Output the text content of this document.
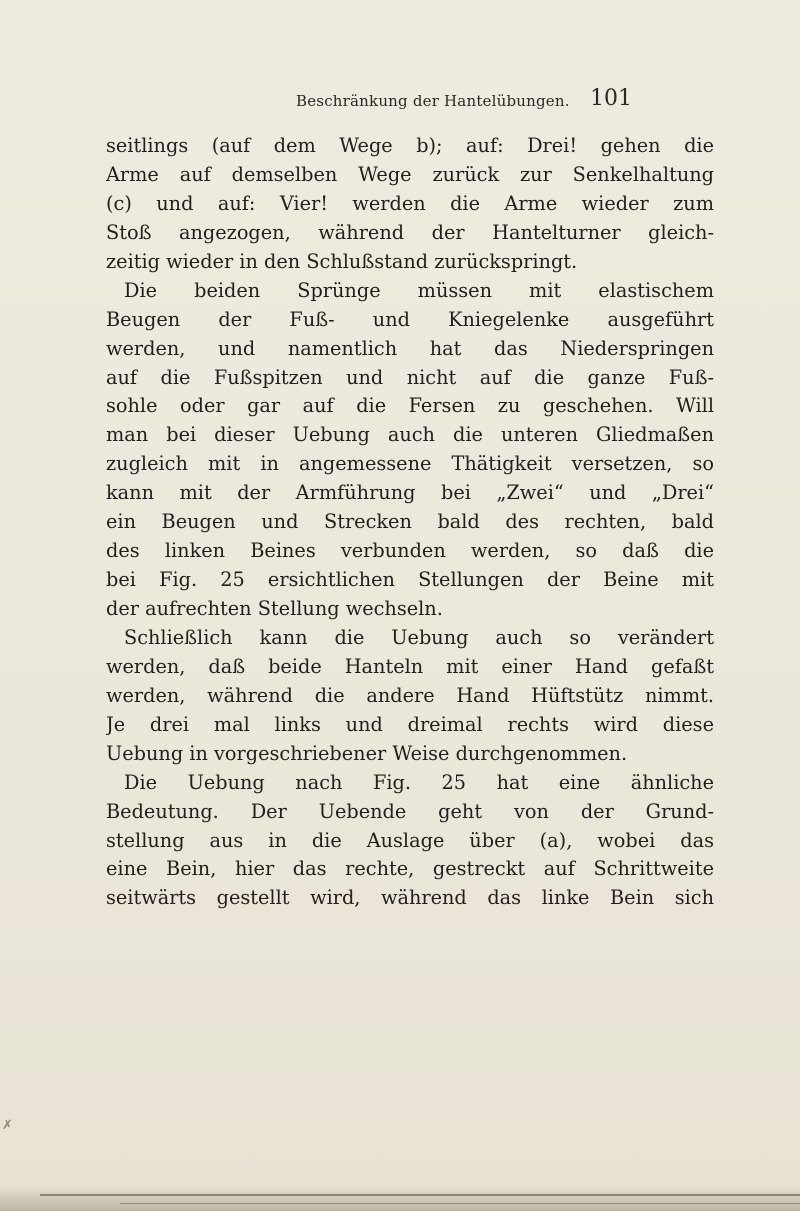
Beschränkung der Hantelübungen. 101
seitlings (auf dem Wege b); auf: Drei! gehen die
Arme auf demselben Wege zurück zur Senkelhaltung
(c) und auf: Vier! werden die Arme wieder zum
Stoß angezogen, während der Hantelturner gleich-
zeitig wieder in den Schlußstand zurückspringt.
Die beiden Sprünge müssen mit elastischem
Beugen der Fuß- und Kniegelenke ausgeführt
werden, und namentlich hat das Niederspringen
auf die Fußspitzen und nicht auf die ganze Fuß-
sohle oder gar auf die Fersen zu geschehen. Will
man bei dieser Uebung auch die unteren Gliedmaßen
zugleich mit in angemessene Thätigkeit versetzen, so
kann mit der Armführung bei „Zwei“ und „Drei“
ein Beugen und Strecken bald des rechten, bald
des linken Beines verbunden werden, so daß die
bei Fig. 25 ersichtlichen Stellungen der Beine mit
der aufrechten Stellung wechseln.
Schließlich kann die Uebung auch so verändert
werden, daß beide Hanteln mit einer Hand gefaßt
werden, während die andere Hand Hüftstütz nimmt.
Je drei mal links und dreimal rechts wird diese
Uebung in vorgeschriebener Weise durchgenommen.
Die Uebung nach Fig. 25 hat eine ähnliche
Bedeutung. Der Uebende geht von der Grund-
stellung aus in die Auslage über (a), wobei das
eine Bein, hier das rechte, gestreckt auf Schrittweite
seitwärts gestellt wird, während das linke Bein sich
✗
